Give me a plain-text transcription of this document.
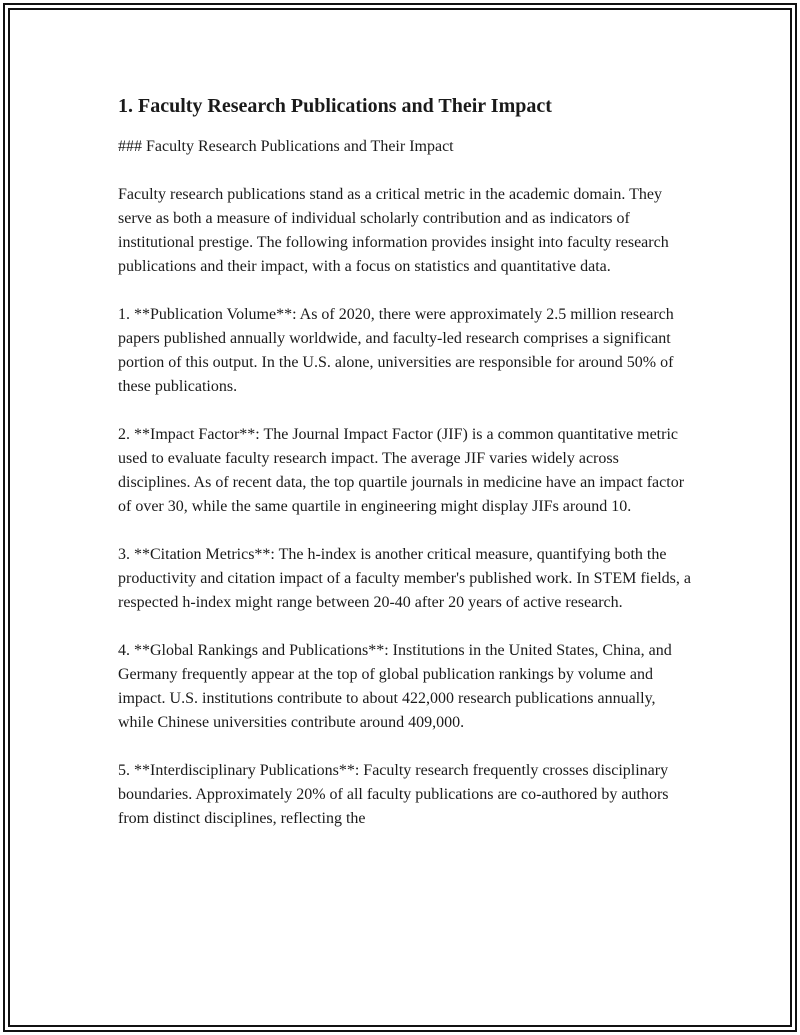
1. Faculty Research Publications and Their Impact

### Faculty Research Publications and Their Impact

Faculty research publications stand as a critical metric in the academic domain. They serve as both a measure of individual scholarly contribution and as indicators of institutional prestige. The following information provides insight into faculty research publications and their impact, with a focus on statistics and quantitative data.

1. **Publication Volume**: As of 2020, there were approximately 2.5 million research papers published annually worldwide, and faculty-led research comprises a significant portion of this output. In the U.S. alone, universities are responsible for around 50% of these publications.

2. **Impact Factor**: The Journal Impact Factor (JIF) is a common quantitative metric used to evaluate faculty research impact. The average JIF varies widely across disciplines. As of recent data, the top quartile journals in medicine have an impact factor of over 30, while the same quartile in engineering might display JIFs around 10.

3. **Citation Metrics**: The h-index is another critical measure, quantifying both the productivity and citation impact of a faculty member's published work. In STEM fields, a respected h-index might range between 20-40 after 20 years of active research.

4. **Global Rankings and Publications**: Institutions in the United States, China, and Germany frequently appear at the top of global publication rankings by volume and impact. U.S. institutions contribute to about 422,000 research publications annually, while Chinese universities contribute around 409,000.

5. **Interdisciplinary Publications**: Faculty research frequently crosses disciplinary boundaries. Approximately 20% of all faculty publications are co-authored by authors from distinct disciplines, reflecting the
